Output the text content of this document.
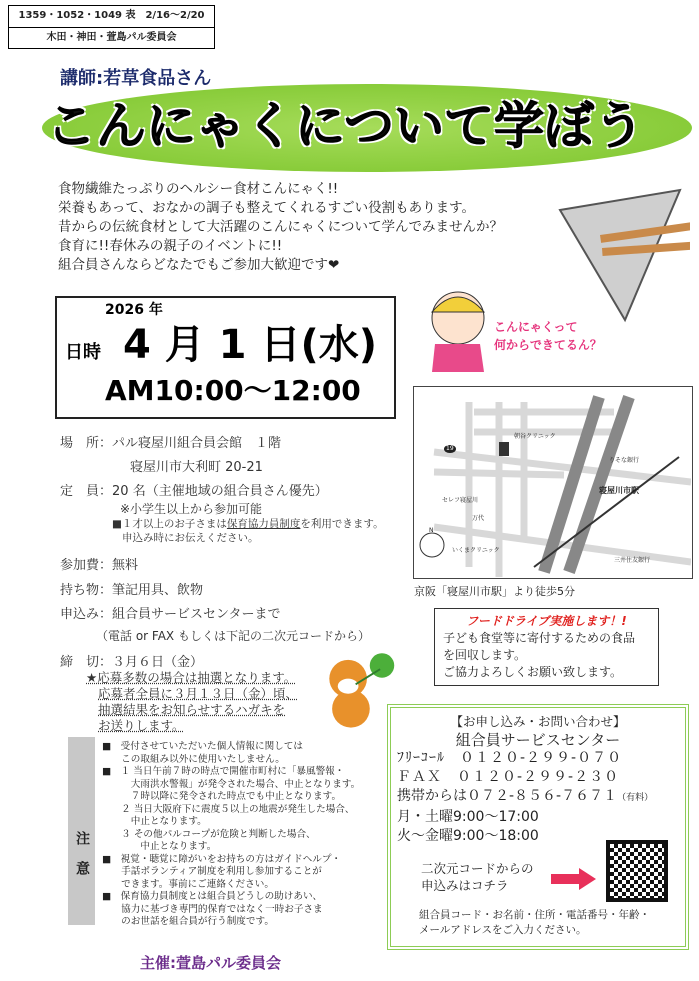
1359・1052・1049 表　2/16〜2/20
木田・神田・萱島パル委員会
講師:若草食品さん
こんにゃくについて学ぼう
食物繊維たっぷりのヘルシー食材こんにゃく!!
栄養もあって、おなかの調子も整えてくれるすごい役割もあります。
昔からの伝統食材として大活躍のこんにゃくについて学んでみませんか？
食育に!!春休みの親子のイベントに!!
組合員さんならどなたでもご参加大歓迎です❤
2026 年
日時 4 月 1 日(水)
AM10:00〜12:00
こんにゃくって
何からできてるん？
朝谷クリニック
りそな銀行
セレフ寝屋川
万代
いくまクリニック
三井住友銀行
寝屋川市駅
N
19
京阪「寝屋川市駅」より徒歩5分
場　所：パル寝屋川組合員会館　１階
寝屋川市大利町 20-21
定　員：20 名（主催地域の組合員さん優先）
※小学生以上から参加可能
■１才以上のお子さまは保育協力員制度を利用できます。
申込み時にお伝えください。
参加費：無料
持ち物：筆記用具、飲物
申込み：組合員サービスセンターまで
（電話 or FAX もしくは下記の二次元コードから）
締　切：３月６日（金）
★応募多数の場合は抽選となります。
応募者全員に３月１３日（金）頃、
抽選結果をお知らせするハガキを
お送りします。
フードドライブ実施します！!
子ども食堂等に寄付するための食品
を回収します。
ご協力よろしくお願い致します。
【お申し込み・お問い合わせ】
組合員サービスセンター
ﾌﾘｰｺｰﾙ　０１２０-２９９-０７０
ＦＡＸ　０１２０-２９９-２３０
携帯からは０７２-８５６-７６７１（有料）
月・土曜9:00〜17:00
火〜金曜9:00〜18:00
二次元コードからの
申込みはコチラ
組合員コード・お名前・住所・電話番号・年齢・
メールアドレスをご入力ください。
注意
■　受付させていただいた個人情報に関しては
　　この取組み以外に使用いたしません。
■　１ 当日午前７時の時点で開催市町村に「暴風警報・
　　　大雨洪水警報」が発令された場合、中止となります。
　　　７時以降に発令された時点でも中止となります。
　　２ 当日大阪府下に震度５以上の地震が発生した場合、
　　　中止となります。
　　３ その他パルコープが危険と判断した場合、
　　　　中止となります。
■　視覚・聴覚に障がいをお持ちの方はガイドヘルプ・
　　手話ボランティア制度を利用し参加することが
　　できます。事前にご連絡ください。
■　保育協力員制度とは組合員どうしの助けあい、
　　協力に基づき専門的保育ではなく一時お子さま
　　のお世話を組合員が行う制度です。
主催:萱島パル委員会
